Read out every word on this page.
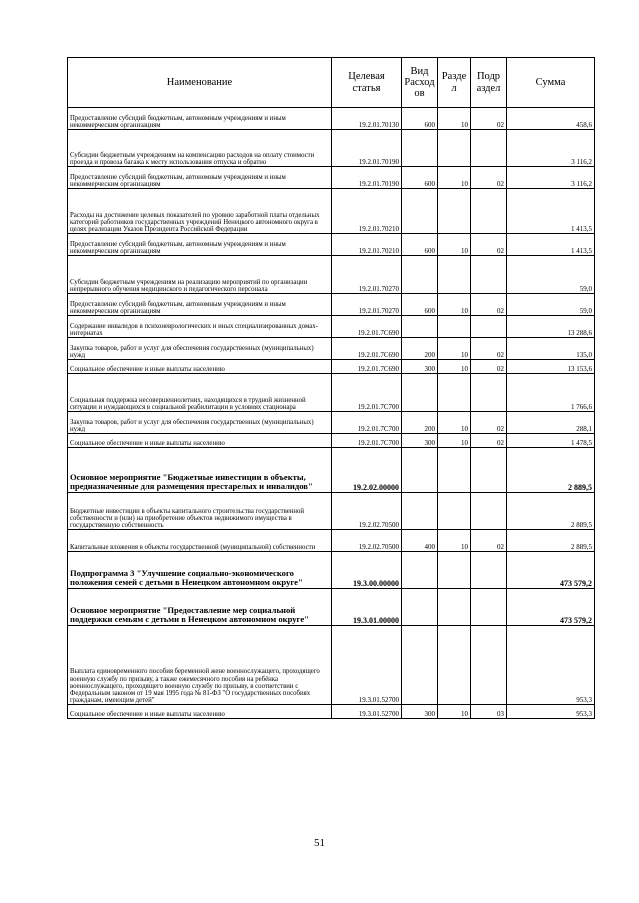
Наименование	Целевая статья	Вид Расход ов	Разде л	Подр аздел	Сумма
Предоставление субсидий бюджетным, автономным учреждениям и иным некоммерческим организациям	19.2.01.70130	600	10	02	458,6
Субсидии бюджетным учреждениям на компенсацию расходов на оплату стоимости проезда и провоза багажа к месту использования отпуска и обратно	19.2.01.70190				3 116,2
Предоставление субсидий бюджетным, автономным учреждениям и иным некоммерческим организациям	19.2.01.70190	600	10	02	3 116,2
Расходы на достижение целевых показателей по уровню заработной платы отдельных категорий работников государственных учреждений Ненецкого автономного округа в целях реализации Указов Президента Российской Федерации	19.2.01.70210				1 413,5
Предоставление субсидий бюджетным, автономным учреждениям и иным некоммерческим организациям	19.2.01.70210	600	10	02	1 413,5
Субсидии бюджетным учреждениям на реализацию мероприятий по организации непрерывного обучения медицинского и педагогического персонала	19.2.01.70270				59,0
Предоставление субсидий бюджетным, автономным учреждениям и иным некоммерческим организациям	19.2.01.70270	600	10	02	59,0
Содержание инвалидов в психоневрологических и иных специализированных домах-интернатах	19.2.01.7С690				13 288,6
Закупка товаров, работ и услуг для обеспечения государственных (муниципальных) нужд	19.2.01.7С690	200	10	02	135,0
Социальное обеспечение и иные выплаты населению	19.2.01.7С690	300	10	02	13 153,6
Социальная поддержка несовершеннолетних, находящихся в трудной жизненной ситуации и нуждающихся в социальной реабилитации в условиях стационара	19.2.01.7С700				1 766,6
Закупка товаров, работ и услуг для обеспечения государственных (муниципальных) нужд	19.2.01.7С700	200	10	02	288,1
Социальное обеспечение и иные выплаты населению	19.2.01.7С700	300	10	02	1 478,5
Основное мероприятие "Бюджетные инвестиции в объекты, предназначенные для размещения престарелых и инвалидов"	19.2.02.00000				2 889,5
Бюджетные инвестиции в объекты капитального строительства государственной собственности и (или) на приобретение объектов недвижимого имущества в государственную собственность	19.2.02.70500				2 889,5
Капитальные вложения в объекты государственной (муниципальной) собственности	19.2.02.70500	400	10	02	2 889,5
Подпрограмма 3 "Улучшение социально-экономического положения семей с детьми в Ненецком автономном округе"	19.3.00.00000				473 579,2
Основное мероприятие "Предоставление мер социальной поддержки семьям с детьми в Ненецком автономном округе"	19.3.01.00000				473 579,2
Выплата единовременного пособия беременной жене военнослужащего, проходящего военную службу по призыву, а также ежемесячного пособия на ребёнка военнослужащего, проходящего военную службу по призыву, в соответствии с Федеральным законом от 19 мая 1995 года № 81-ФЗ "О государственных пособиях гражданам, имеющим детей"	19.3.01.52700				953,3
Социальное обеспечение и иные выплаты населению	19.3.01.52700	300	10	03	953,3
51
